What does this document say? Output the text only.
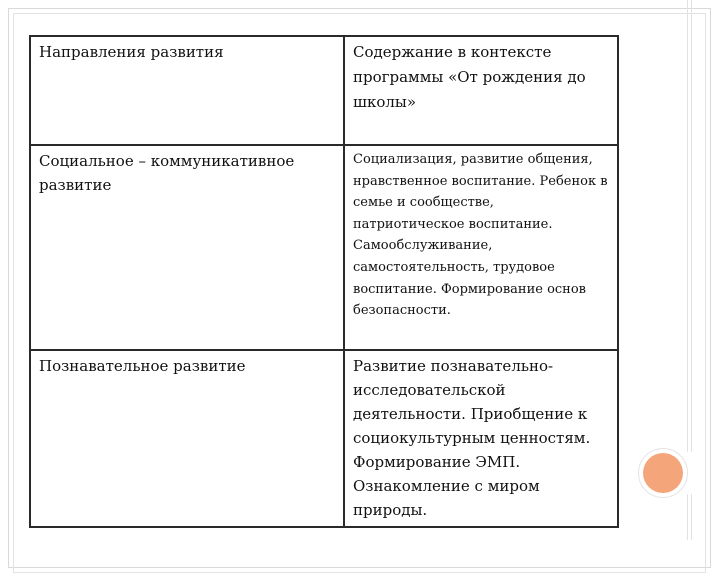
Направления развития	Содержание в контексте программы «От рождения до школы»
Социальное – коммуникативное развитие	Социализация, развитие общения, нравственное воспитание. Ребенок в семье и сообществе, патриотическое воспитание. Самообслуживание, самостоятельность, трудовое воспитание. Формирование основ безопасности.
Познавательное развитие	Развитие познавательно-исследовательской деятельности. Приобщение к социокультурным ценностям. Формирование ЭМП. Ознакомление с миром природы.
